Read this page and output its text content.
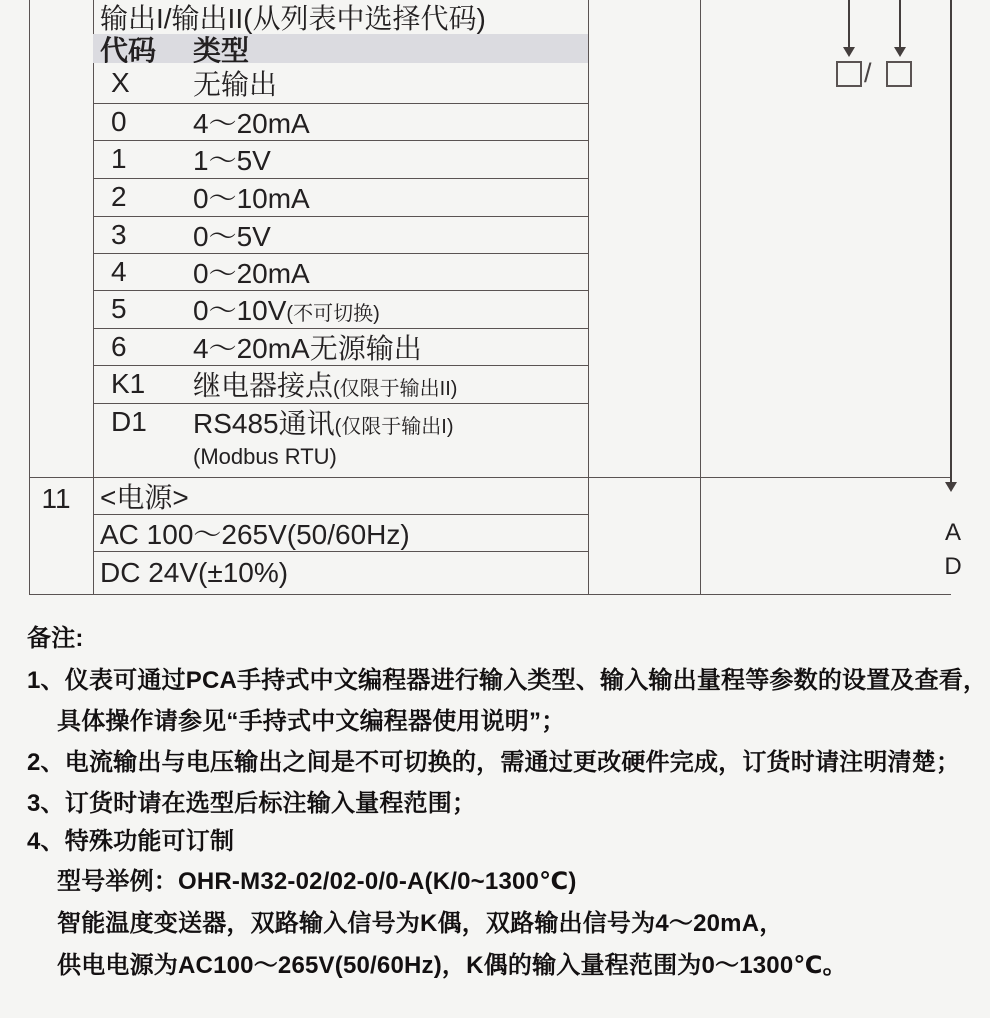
输出I/输出II(从列表中选择代码)
代码	类型
X	无输出
0	4～20mA
1	1～5V
2	0～10mA
3	0～5V
4	0～20mA
5	0～10V(不可切换)
6	4～20mA无源输出
K1	继电器接点(仅限于输出II)
D1	RS485通讯(仅限于输出I)
(Modbus RTU)
11	<电源>
AC 100～265V(50/60Hz)
DC 24V(±10%)
/
A
D
备注:
1、仪表可通过PCA手持式中文编程器进行输入类型、输入输出量程等参数的设置及查看，
具体操作请参见“手持式中文编程器使用说明”；
2、电流输出与电压输出之间是不可切换的，需通过更改硬件完成，订货时请注明清楚；
3、订货时请在选型后标注输入量程范围；
4、特殊功能可订制
型号举例：OHR-M32-02/02-0/0-A(K/0~1300℃)
智能温度变送器，双路输入信号为K偶，双路输出信号为4～20mA，
供电电源为AC100～265V(50/60Hz)，K偶的输入量程范围为0～1300℃。
